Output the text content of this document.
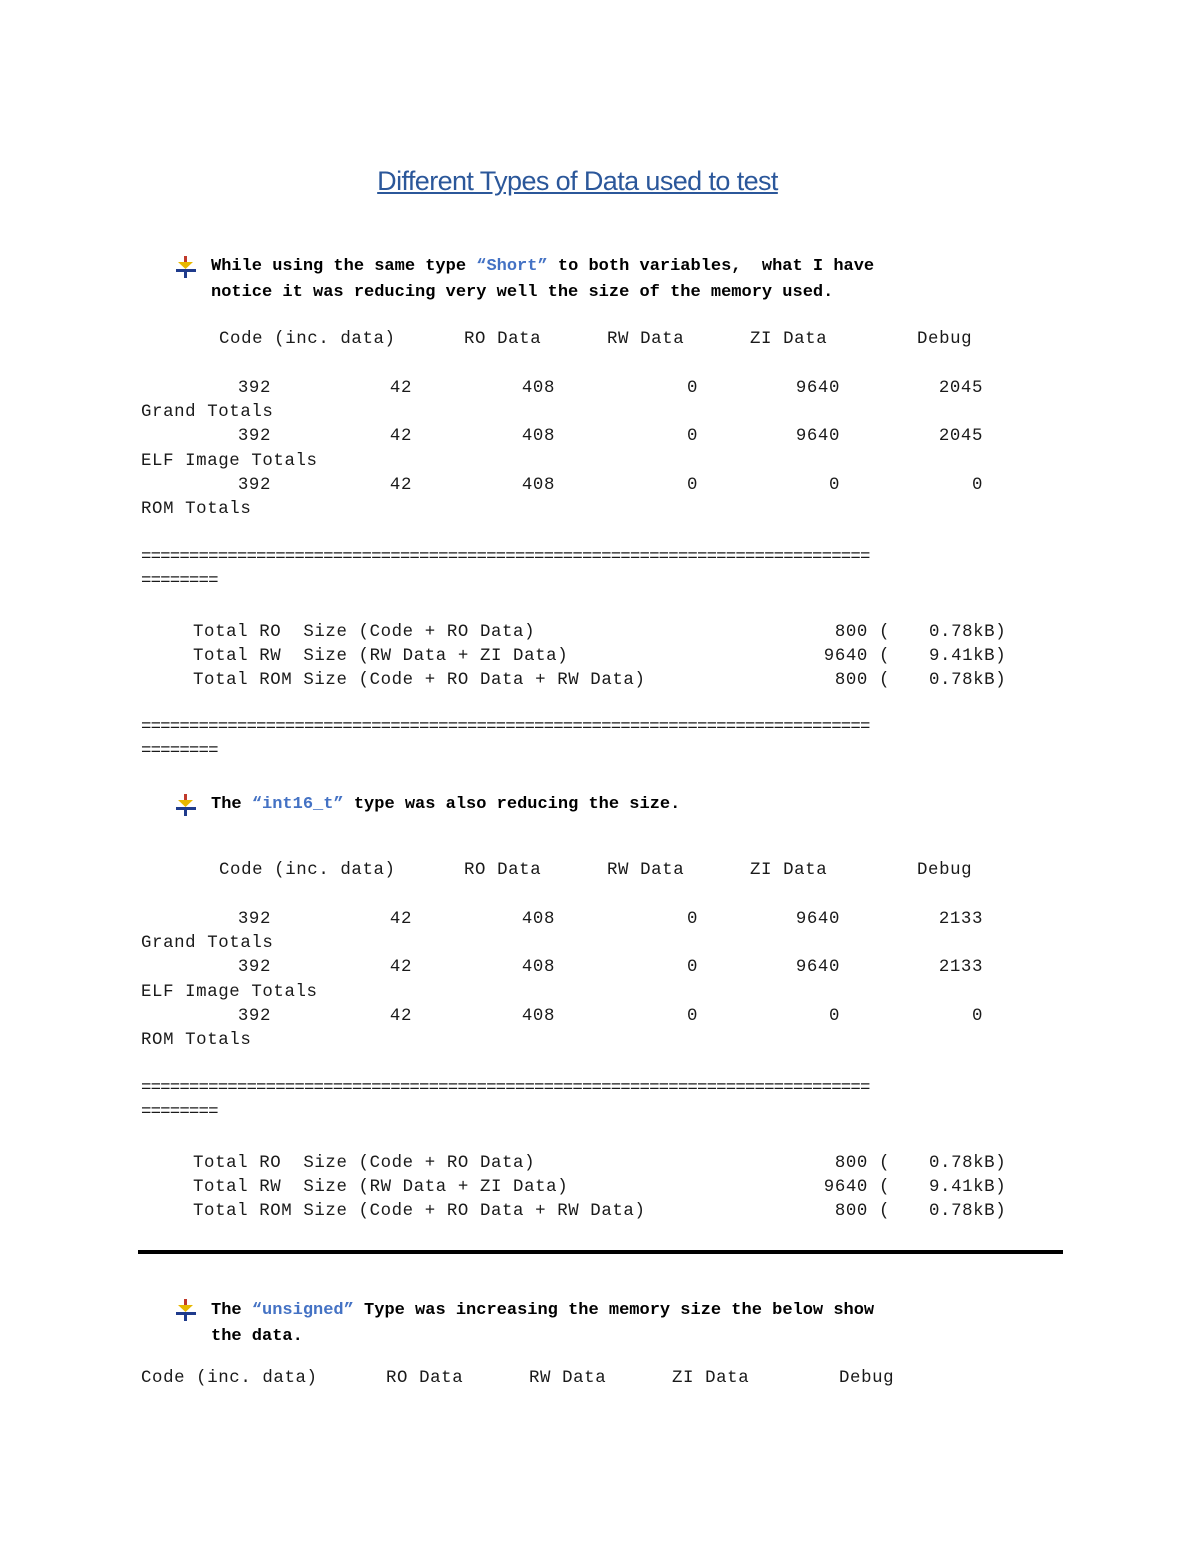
Different Types of Data used to test
While using the same type “Short” to both variables,  what I have
notice it was reducing very well the size of the memory used.
Code (inc. data)	RO Data	RW Data	ZI Data	Debug
392	42	408	0	9640	2045
Grand Totals
392	42	408	0	9640	2045
ELF Image Totals
392	42	408	0	0	0
ROM Totals
============================================================================
========
Total RO  Size (Code + RO Data)	800 ( 0.78kB)
Total RW  Size (RW Data + ZI Data)	9640 ( 9.41kB)
Total ROM Size (Code + RO Data + RW Data)	800 ( 0.78kB)
============================================================================
========
The “int16_t” type was also reducing the size.
Code (inc. data)	RO Data	RW Data	ZI Data	Debug
392	42	408	0	9640	2133
Grand Totals
392	42	408	0	9640	2133
ELF Image Totals
392	42	408	0	0	0
ROM Totals
============================================================================
========
Total RO  Size (Code + RO Data)	800 ( 0.78kB)
Total RW  Size (RW Data + ZI Data)	9640 ( 9.41kB)
Total ROM Size (Code + RO Data + RW Data)	800 ( 0.78kB)
The “unsigned” Type was increasing the memory size the below show
the data.
Code (inc. data)	RO Data	RW Data	ZI Data	Debug
